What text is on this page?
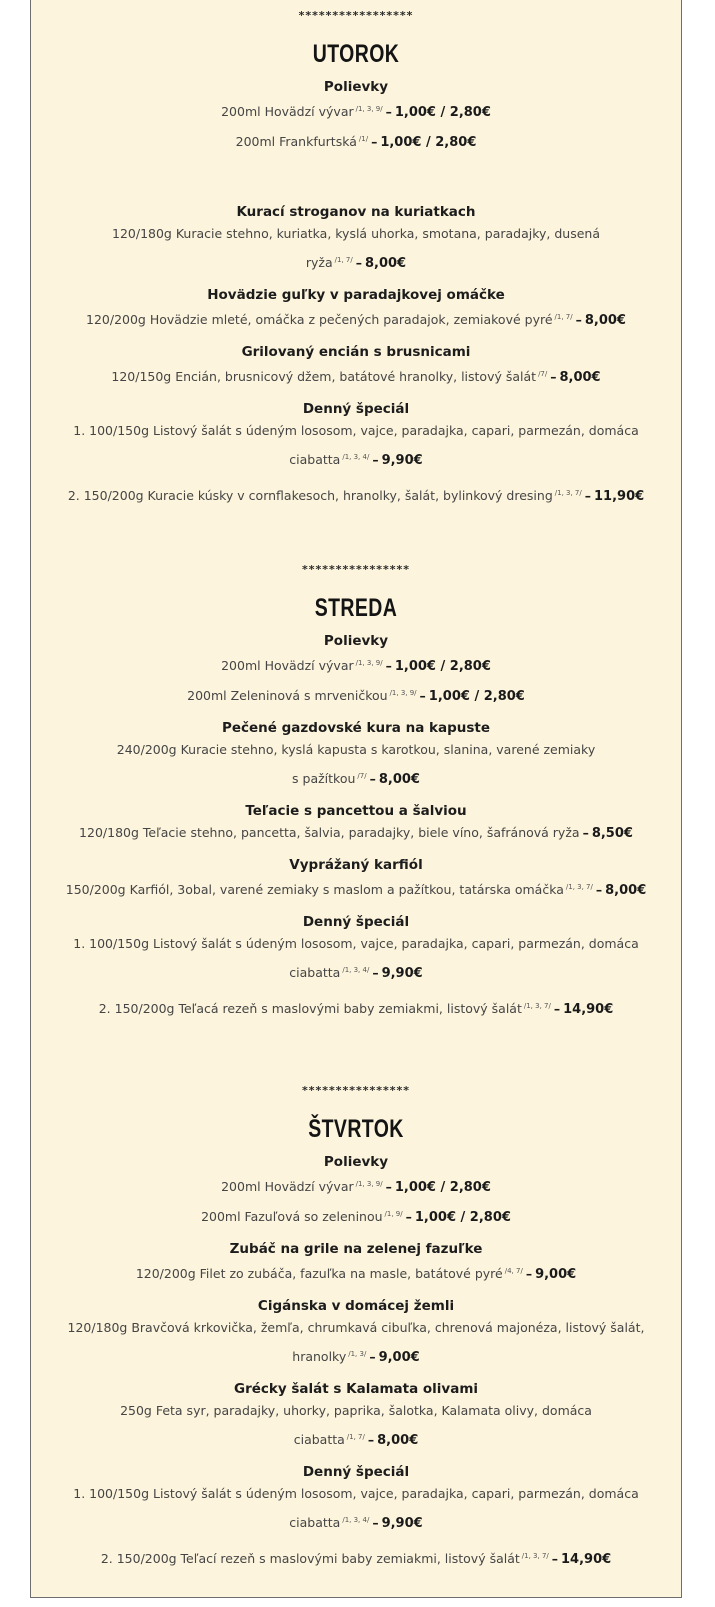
*****************
UTOROK
Polievky
200ml Hovädzí vývar $^{/1, 3, 9/}$ – 1,00€ / 2,80€
200ml Frankfurtská $^{/1/}$ – 1,00€ / 2,80€
Kurací stroganov na kuriatkach
120/180g Kuracie stehno, kuriatka, kyslá uhorka, smotana, paradajky, dusená
ryža $^{/1, 7/}$ – 8,00€
Hovädzie guľky v paradajkovej omáčke
120/200g Hovädzie mleté, omáčka z pečených paradajok, zemiakové pyré $^{/1, 7/}$ – 8,00€
Grilovaný encián s brusnicami
120/150g Encián, brusnicový džem, batátové hranolky, listový šalát $^{/7/}$ – 8,00€
Denný špeciál
1. 100/150g Listový šalát s údeným lososom, vajce, paradajka, capari, parmezán, domáca
ciabatta $^{/1, 3, 4/}$ – 9,90€
2. 150/200g Kuracie kúsky v cornflakesoch, hranolky, šalát, bylinkový dresing $^{/1, 3, 7/}$ – 11,90€
****************
STREDA
Polievky
200ml Hovädzí vývar $^{/1, 3, 9/}$ – 1,00€ / 2,80€
200ml Zeleninová s mrveničkou $^{/1, 3, 9/}$ – 1,00€ / 2,80€
Pečené gazdovské kura na kapuste
240/200g Kuracie stehno, kyslá kapusta s karotkou, slanina, varené zemiaky
s pažítkou $^{/7/}$ – 8,00€
Teľacie s pancettou a šalviou
120/180g Teľacie stehno, pancetta, šalvia, paradajky, biele víno, šafránová ryža – 8,50€
Vyprážaný karfiól
150/200g Karfiól, 3obal, varené zemiaky s maslom a pažítkou, tatárska omáčka $^{/1, 3, 7/}$ – 8,00€
Denný špeciál
1. 100/150g Listový šalát s údeným lososom, vajce, paradajka, capari, parmezán, domáca
ciabatta $^{/1, 3, 4/}$ – 9,90€
2. 150/200g Teľacá rezeň s maslovými baby zemiakmi, listový šalát $^{/1, 3, 7/}$ – 14,90€
****************
ŠTVRTOK
Polievky
200ml Hovädzí vývar $^{/1, 3, 9/}$ – 1,00€ / 2,80€
200ml Fazuľová so zeleninou $^{/1, 9/}$ – 1,00€ / 2,80€
Zubáč na grile na zelenej fazuľke
120/200g Filet zo zubáča, fazuľka na masle, batátové pyré $^{/4, 7/}$ – 9,00€
Cigánska v domácej žemli
120/180g Bravčová krkovička, žemľa, chrumkavá cibuľka, chrenová majonéza, listový šalát,
hranolky $^{/1, 3/}$ – 9,00€
Grécky šalát s Kalamata olivami
250g Feta syr, paradajky, uhorky, paprika, šalotka, Kalamata olivy, domáca
ciabatta $^{/1, 7/}$ – 8,00€
Denný špeciál
1. 100/150g Listový šalát s údeným lososom, vajce, paradajka, capari, parmezán, domáca
ciabatta $^{/1, 3, 4/}$ – 9,90€
2. 150/200g Teľací rezeň s maslovými baby zemiakmi, listový šalát $^{/1, 3, 7/}$ – 14,90€
